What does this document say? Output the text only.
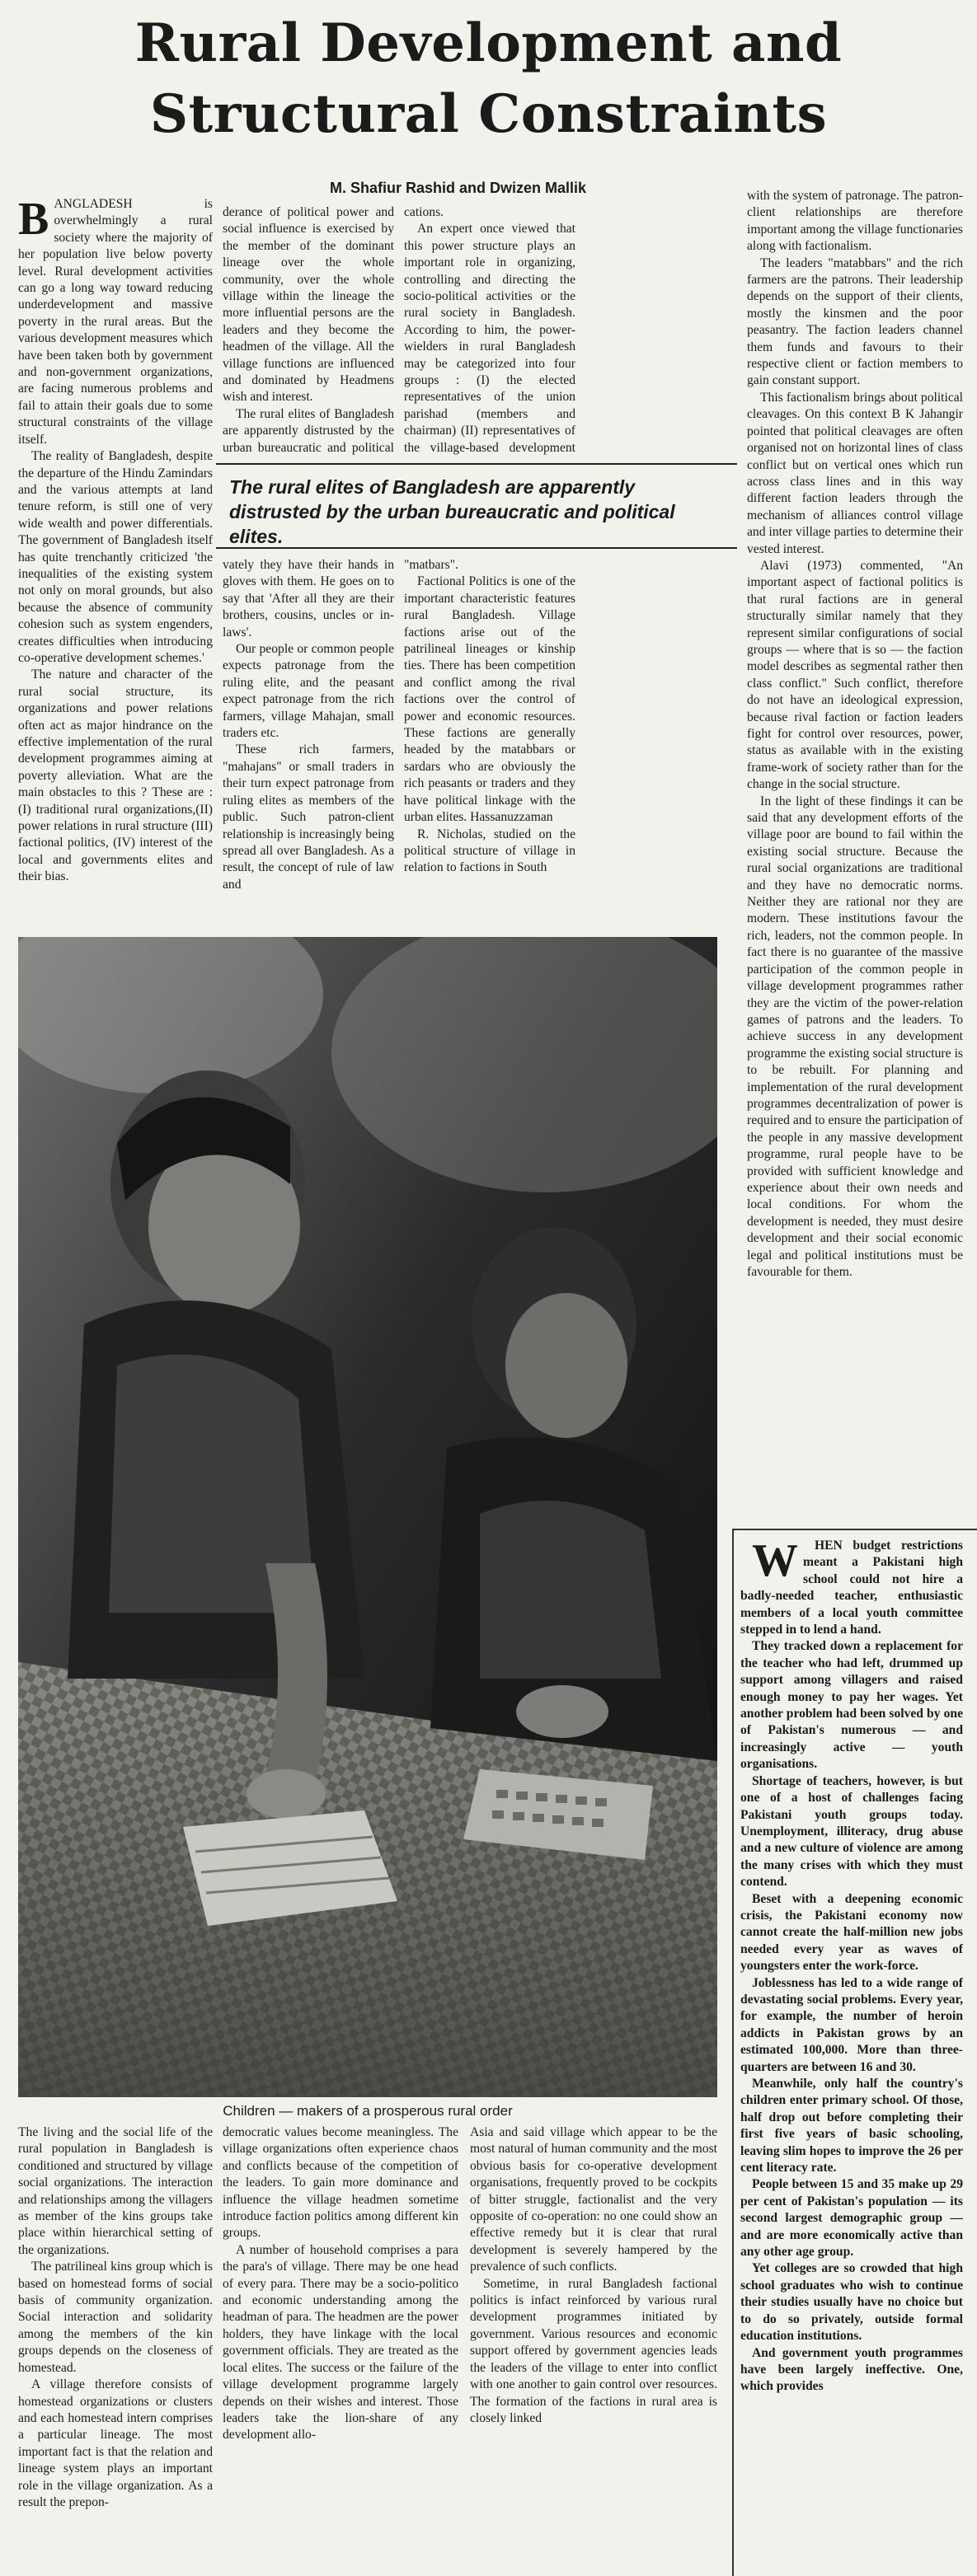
Rural Development and
Structural Constraints
M. Shafiur Rashid and Dwizen Mallik

BANGLADESH is overwhelmingly a rural society where the majority of her population live below poverty level. Rural development activities can go a long way toward reducing underdevelopment and massive poverty in the rural areas. But the various development measures which have been taken both by government and non-government organizations, are facing numerous problems and fail to attain their goals due to some structural constraints of the village itself.

The reality of Bangladesh, despite the departure of the Hindu Zamindars and the various attempts at land tenure reform, is still one of very wide wealth and power differentials. The government of Bangladesh itself has quite trenchantly criticized 'the inequalities of the existing system not only on moral grounds, but also because the absence of community cohesion such as system engenders, creates difficulties when introducing co-operative development schemes.'

The nature and character of the rural social structure, its organizations and power relations often act as major hindrance on the effective implementation of the rural development programmes aiming at poverty alleviation. What are the main obstacles to this ? These are : (I) traditional rural organizations,(II) power relations in rural structure (III) factional politics, (IV) interest of the local and governments elites and their bias.

derance of political power and social influence is exercised by the member of the dominant lineage over the whole community, over the whole village within the lineage the more influential persons are the leaders and they become the headmen of the village. All the village functions are influenced and dominated by Headmens wish and interest.

The rural elites of Bangladesh are apparently distrusted by the urban bureaucratic and political

cations.

An expert once viewed that this power structure plays an important role in organizing, controlling and directing the socio-political activities or the rural society in Bangladesh. According to him, the power-wielders in rural Bangladesh may be categorized into four groups : (I) the elected representatives of the union parishad (members and chairman) (II) representatives of the village-based development

The rural elites of Bangladesh are apparently distrusted by the urban bureaucratic and political elites.

vately they have their hands in gloves with them. He goes on to say that 'After all they are their brothers, cousins, uncles or in-laws'.

Our people or common people expects patronage from the ruling elite, and the peasant expect patronage from the rich farmers, village Mahajan, small traders etc.

These rich farmers, "mahajans" or small traders in their turn expect patronage from ruling elites as members of the public. Such patron-client relationship is increasingly being spread all over Bangladesh. As a result, the concept of rule of law and

"matbars".

Factional Politics is one of the important characteristic features rural Bangladesh. Village factions arise out of the patrilineal lineages or kinship ties. There has been competition and conflict among the rival factions over the control of power and economic resources. These factions are generally headed by the matabbars or sardars who are obviously the rich peasants or traders and they have political linkage with the urban elites. Hassanuzzaman

R. Nicholas, studied on the political structure of village in relation to factions in South

with the system of patronage. The patron-client relationships are therefore important among the village functionaries along with factionalism.

The leaders "matabbars" and the rich farmers are the patrons. Their leadership depends on the support of their clients, mostly the kinsmen and the poor peasantry. The faction leaders channel them funds and favours to their respective client or faction members to gain constant support.

This factionalism brings about political cleavages. On this context B K Jahangir pointed that political cleavages are often organised not on horizontal lines of class conflict but on vertical ones which run across class lines and in this way different faction leaders through the mechanism of alliances control village and inter village parties to determine their vested interest.

Alavi (1973) commented, "An important aspect of factional politics is that rural factions are in general structurally similar namely that they represent similar configurations of social groups — where that is so — the faction model describes as segmental rather then class conflict." Such conflict, therefore do not have an ideological expression, because rival faction or faction leaders fight for control over resources, power, status as available with in the existing frame-work of society rather than for the change in the social structure.

In the light of these findings it can be said that any development efforts of the village poor are bound to fail within the existing social structure. Because the rural social organizations are traditional and they have no democratic norms. Neither they are rational nor they are modern. These institutions favour the rich, leaders, not the common people. In fact there is no guarantee of the massive participation of the common people in village development programmes rather they are the victim of the power-relation games of patrons and the leaders. To achieve success in any development programme the existing social structure is to be rebuilt. For planning and implementation of the rural development programmes decentralization of power is required and to ensure the participation of the people in any massive development programme, rural people have to be provided with sufficient knowledge and experience about their own needs and local conditions. For whom the development is needed, they must desire development and their social economic legal and political institutions must be favourable for them.

Children — makers of a prosperous rural order

The living and the social life of the rural population in Bangladesh is conditioned and structured by village social organizations. The interaction and relationships among the villagers as member of the kins groups take place within hierarchical setting of the organizations.

The patrilineal kins group which is based on homestead forms of social basis of community organization. Social interaction and solidarity among the members of the kin groups depends on the closeness of homestead.

A village therefore consists of homestead organizations or clusters and each homestead intern comprises a particular lineage. The most important fact is that the relation and lineage system plays an important role in the village organization. As a result the prepon-

democratic values become meaningless. The village organizations often experience chaos and conflicts because of the competition of the leaders. To gain more dominance and influence the village headmen sometime introduce faction politics among different kin groups.

A number of household comprises a para the para's of village. There may be one head of every para. There may be a socio-politico and economic understanding among the headman of para. The headmen are the power holders, they have linkage with the local government officials. They are treated as the local elites. The success or the failure of the village development programme largely depends on their wishes and interest. Those leaders take the lion-share of any development allo-

Asia and said village which appear to be the most natural of human community and the most obvious basis for co-operative development organisations, frequently proved to be cockpits of bitter struggle, factionalist and the very opposite of co-operation: no one could show an effective remedy but it is clear that rural development is severely hampered by the prevalence of such conflicts.

Sometime, in rural Bangladesh factional politics is infact reinforced by various rural development programmes initiated by government. Various resources and economic support offered by government agencies leads the leaders of the village to enter into conflict with one another to gain control over resources. The formation of the factions in rural area is closely linked

W HEN budget restrictions meant a Pakistani high school could not hire a badly-needed teacher, enthusiastic members of a local youth committee stepped in to lend a hand.

They tracked down a replacement for the teacher who had left, drummed up support among villagers and raised enough money to pay her wages. Yet another problem had been solved by one of Pakistan's numerous — and increasingly active — youth organisations.

Shortage of teachers, however, is but one of a host of challenges facing Pakistani youth groups today. Unemployment, illiteracy, drug abuse and a new culture of violence are among the many crises with which they must contend.

Beset with a deepening economic crisis, the Pakistani economy now cannot create the half-million new jobs needed every year as waves of youngsters enter the work-force.

Joblessness has led to a wide range of devastating social problems. Every year, for example, the number of heroin addicts in Pakistan grows by an estimated 100,000. More than three-quarters are between 16 and 30.

Meanwhile, only half the country's children enter primary school. Of those, half drop out before completing their first five years of basic schooling, leaving slim hopes to improve the 26 per cent literacy rate.

People between 15 and 35 make up 29 per cent of Pakistan's population — its second largest demographic group — and are more economically active than any other age group.

Yet colleges are so crowded that high school graduates who wish to continue their studies usually have no choice but to do so privately, outside formal education institutions.

And government youth programmes have been largely ineffective. One, which provides
